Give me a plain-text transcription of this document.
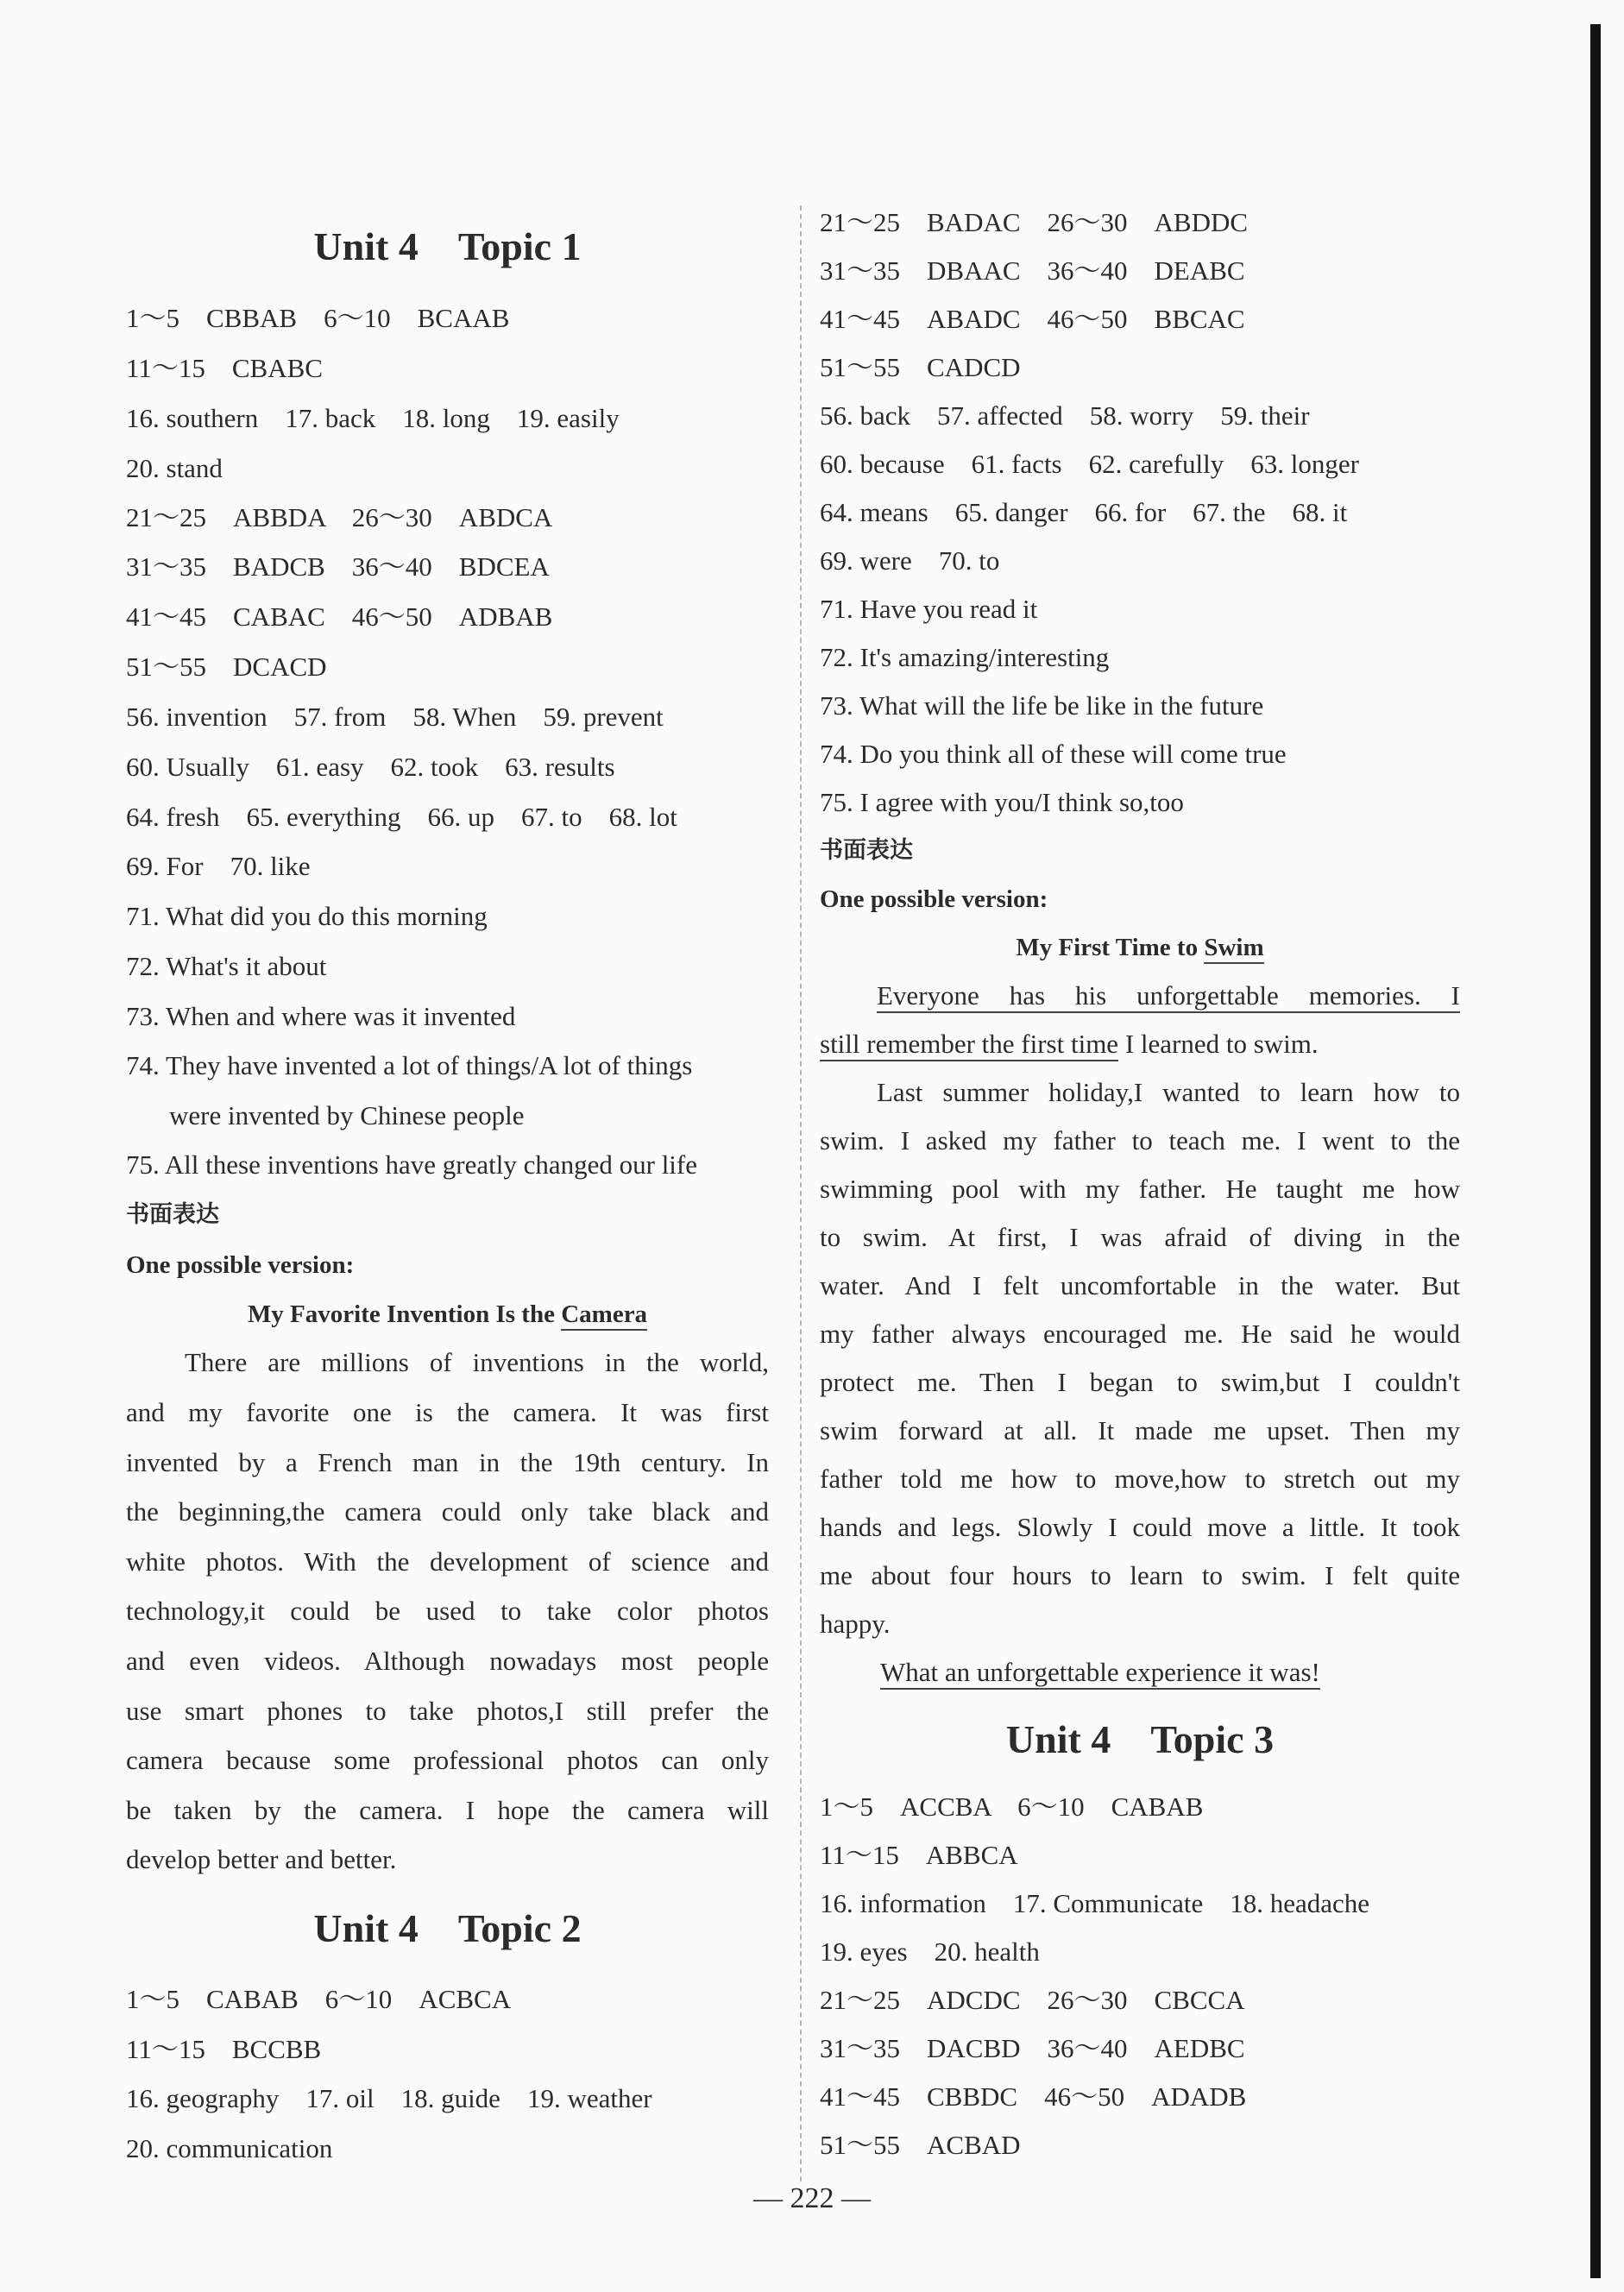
Unit 4　Topic 1
1～5　CBBAB　6～10　BCAAB
11～15　CBABC
16. southern　17. back　18. long　19. easily
20. stand
21～25　ABBDA　26～30　ABDCA
31～35　BADCB　36～40　BDCEA
41～45　CABAC　46～50　ADBAB
51～55　DCACD
56. invention　57. from　58. When　59. prevent
60. Usually　61. easy　62. took　63. results
64. fresh　65. everything　66. up　67. to　68. lot
69. For　70. like
71. What did you do this morning
72. What's it about
73. When and where was it invented
74. They have invented a lot of things/A lot of things
were invented by Chinese people
75. All these inventions have greatly changed our life
书面表达
One possible version:
My Favorite Invention Is the Camera
There are millions of inventions in the world,
and my favorite one is the camera. It was first
invented by a French man in the 19th century. In
the beginning,the camera could only take black and
white photos. With the development of science and
technology,it could be used to take color photos
and even videos. Although nowadays most people
use smart phones to take photos,I still prefer the
camera because some professional photos can only
be taken by the camera. I hope the camera will
develop better and better.
Unit 4　Topic 2
1～5　CABAB　6～10　ACBCA
11～15　BCCBB
16. geography　17. oil　18. guide　19. weather
20. communication
21～25　BADAC　26～30　ABDDC
31～35　DBAAC　36～40　DEABC
41～45　ABADC　46～50　BBCAC
51～55　CADCD
56. back　57. affected　58. worry　59. their
60. because　61. facts　62. carefully　63. longer
64. means　65. danger　66. for　67. the　68. it
69. were　70. to
71. Have you read it
72. It's amazing/interesting
73. What will the life be like in the future
74. Do you think all of these will come true
75. I agree with you/I think so,too
书面表达
One possible version:
My First Time to Swim
Everyone has his unforgettable memories. I
still remember the first time I learned to swim.
Last summer holiday,I wanted to learn how to
swim. I asked my father to teach me. I went to the
swimming pool with my father. He taught me how
to swim. At first, I was afraid of diving in the
water. And I felt uncomfortable in the water. But
my father always encouraged me. He said he would
protect me. Then I began to swim,but I couldn't
swim forward at all. It made me upset. Then my
father told me how to move,how to stretch out my
hands and legs. Slowly I could move a little. It took
me about four hours to learn to swim. I felt quite
happy.
What an unforgettable experience it was!
Unit 4　Topic 3
1～5　ACCBA　6～10　CABAB
11～15　ABBCA
16. information　17. Communicate　18. headache
19. eyes　20. health
21～25　ADCDC　26～30　CBCCA
31～35　DACBD　36～40　AEDBC
41～45　CBBDC　46～50　ADADB
51～55　ACBAD
— 222 —
